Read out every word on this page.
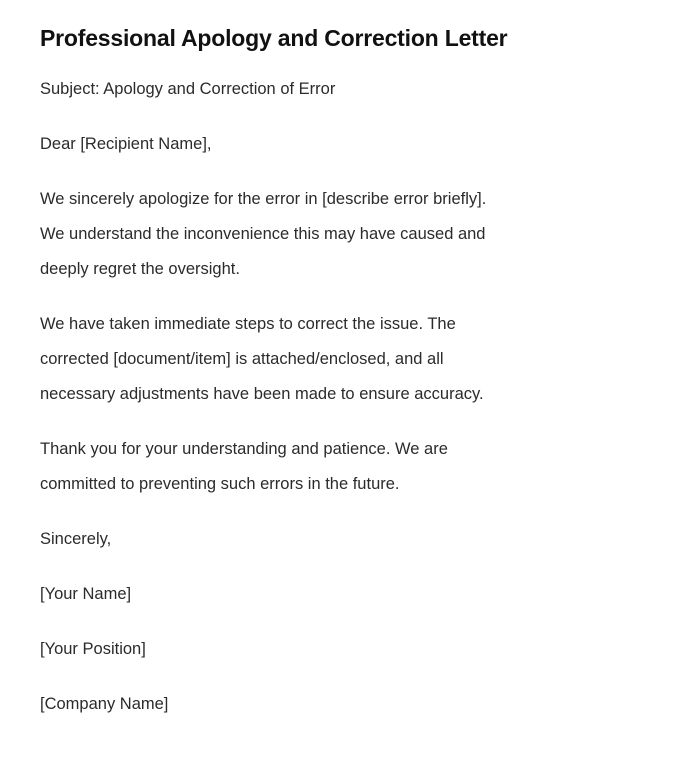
Professional Apology and Correction Letter
Subject: Apology and Correction of Error
Dear [Recipient Name],
We sincerely apologize for the error in [describe error briefly].
We understand the inconvenience this may have caused and
deeply regret the oversight.
We have taken immediate steps to correct the issue. The
corrected [document/item] is attached/enclosed, and all
necessary adjustments have been made to ensure accuracy.
Thank you for your understanding and patience. We are
committed to preventing such errors in the future.
Sincerely,
[Your Name]
[Your Position]
[Company Name]
